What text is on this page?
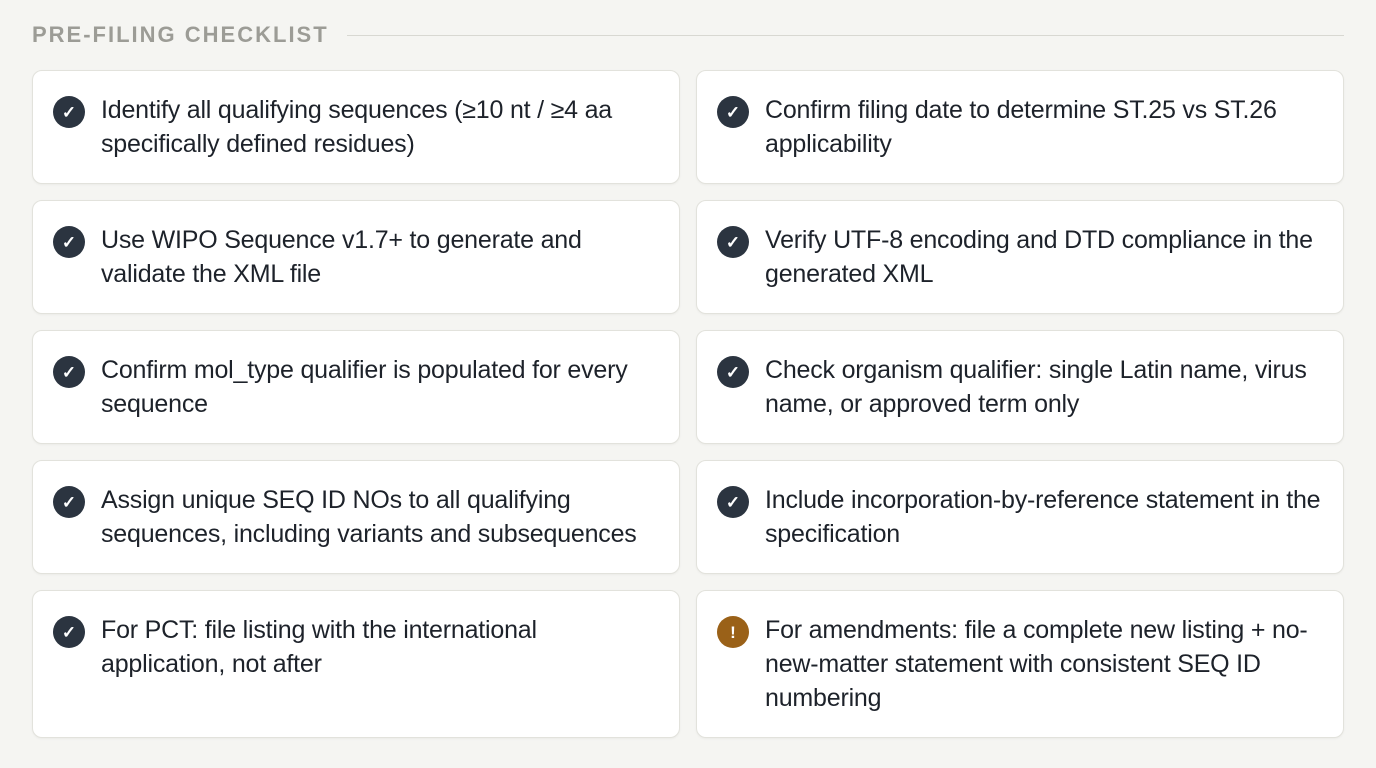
PRE-FILING CHECKLIST
✓ Identify all qualifying sequences (≥10 nt / ≥4 aa specifically defined residues)
✓ Confirm filing date to determine ST.25 vs ST.26 applicability
✓ Use WIPO Sequence v1.7+ to generate and validate the XML file
✓ Verify UTF-8 encoding and DTD compliance in the generated XML
✓ Confirm mol_type qualifier is populated for every sequence
✓ Check organism qualifier: single Latin name, virus name, or approved term only
✓ Assign unique SEQ ID NOs to all qualifying sequences, including variants and subsequences
✓ Include incorporation-by-reference statement in the specification
✓ For PCT: file listing with the international application, not after
!	For amendments: file a complete new listing + no-new-matter statement with consistent SEQ ID numbering
